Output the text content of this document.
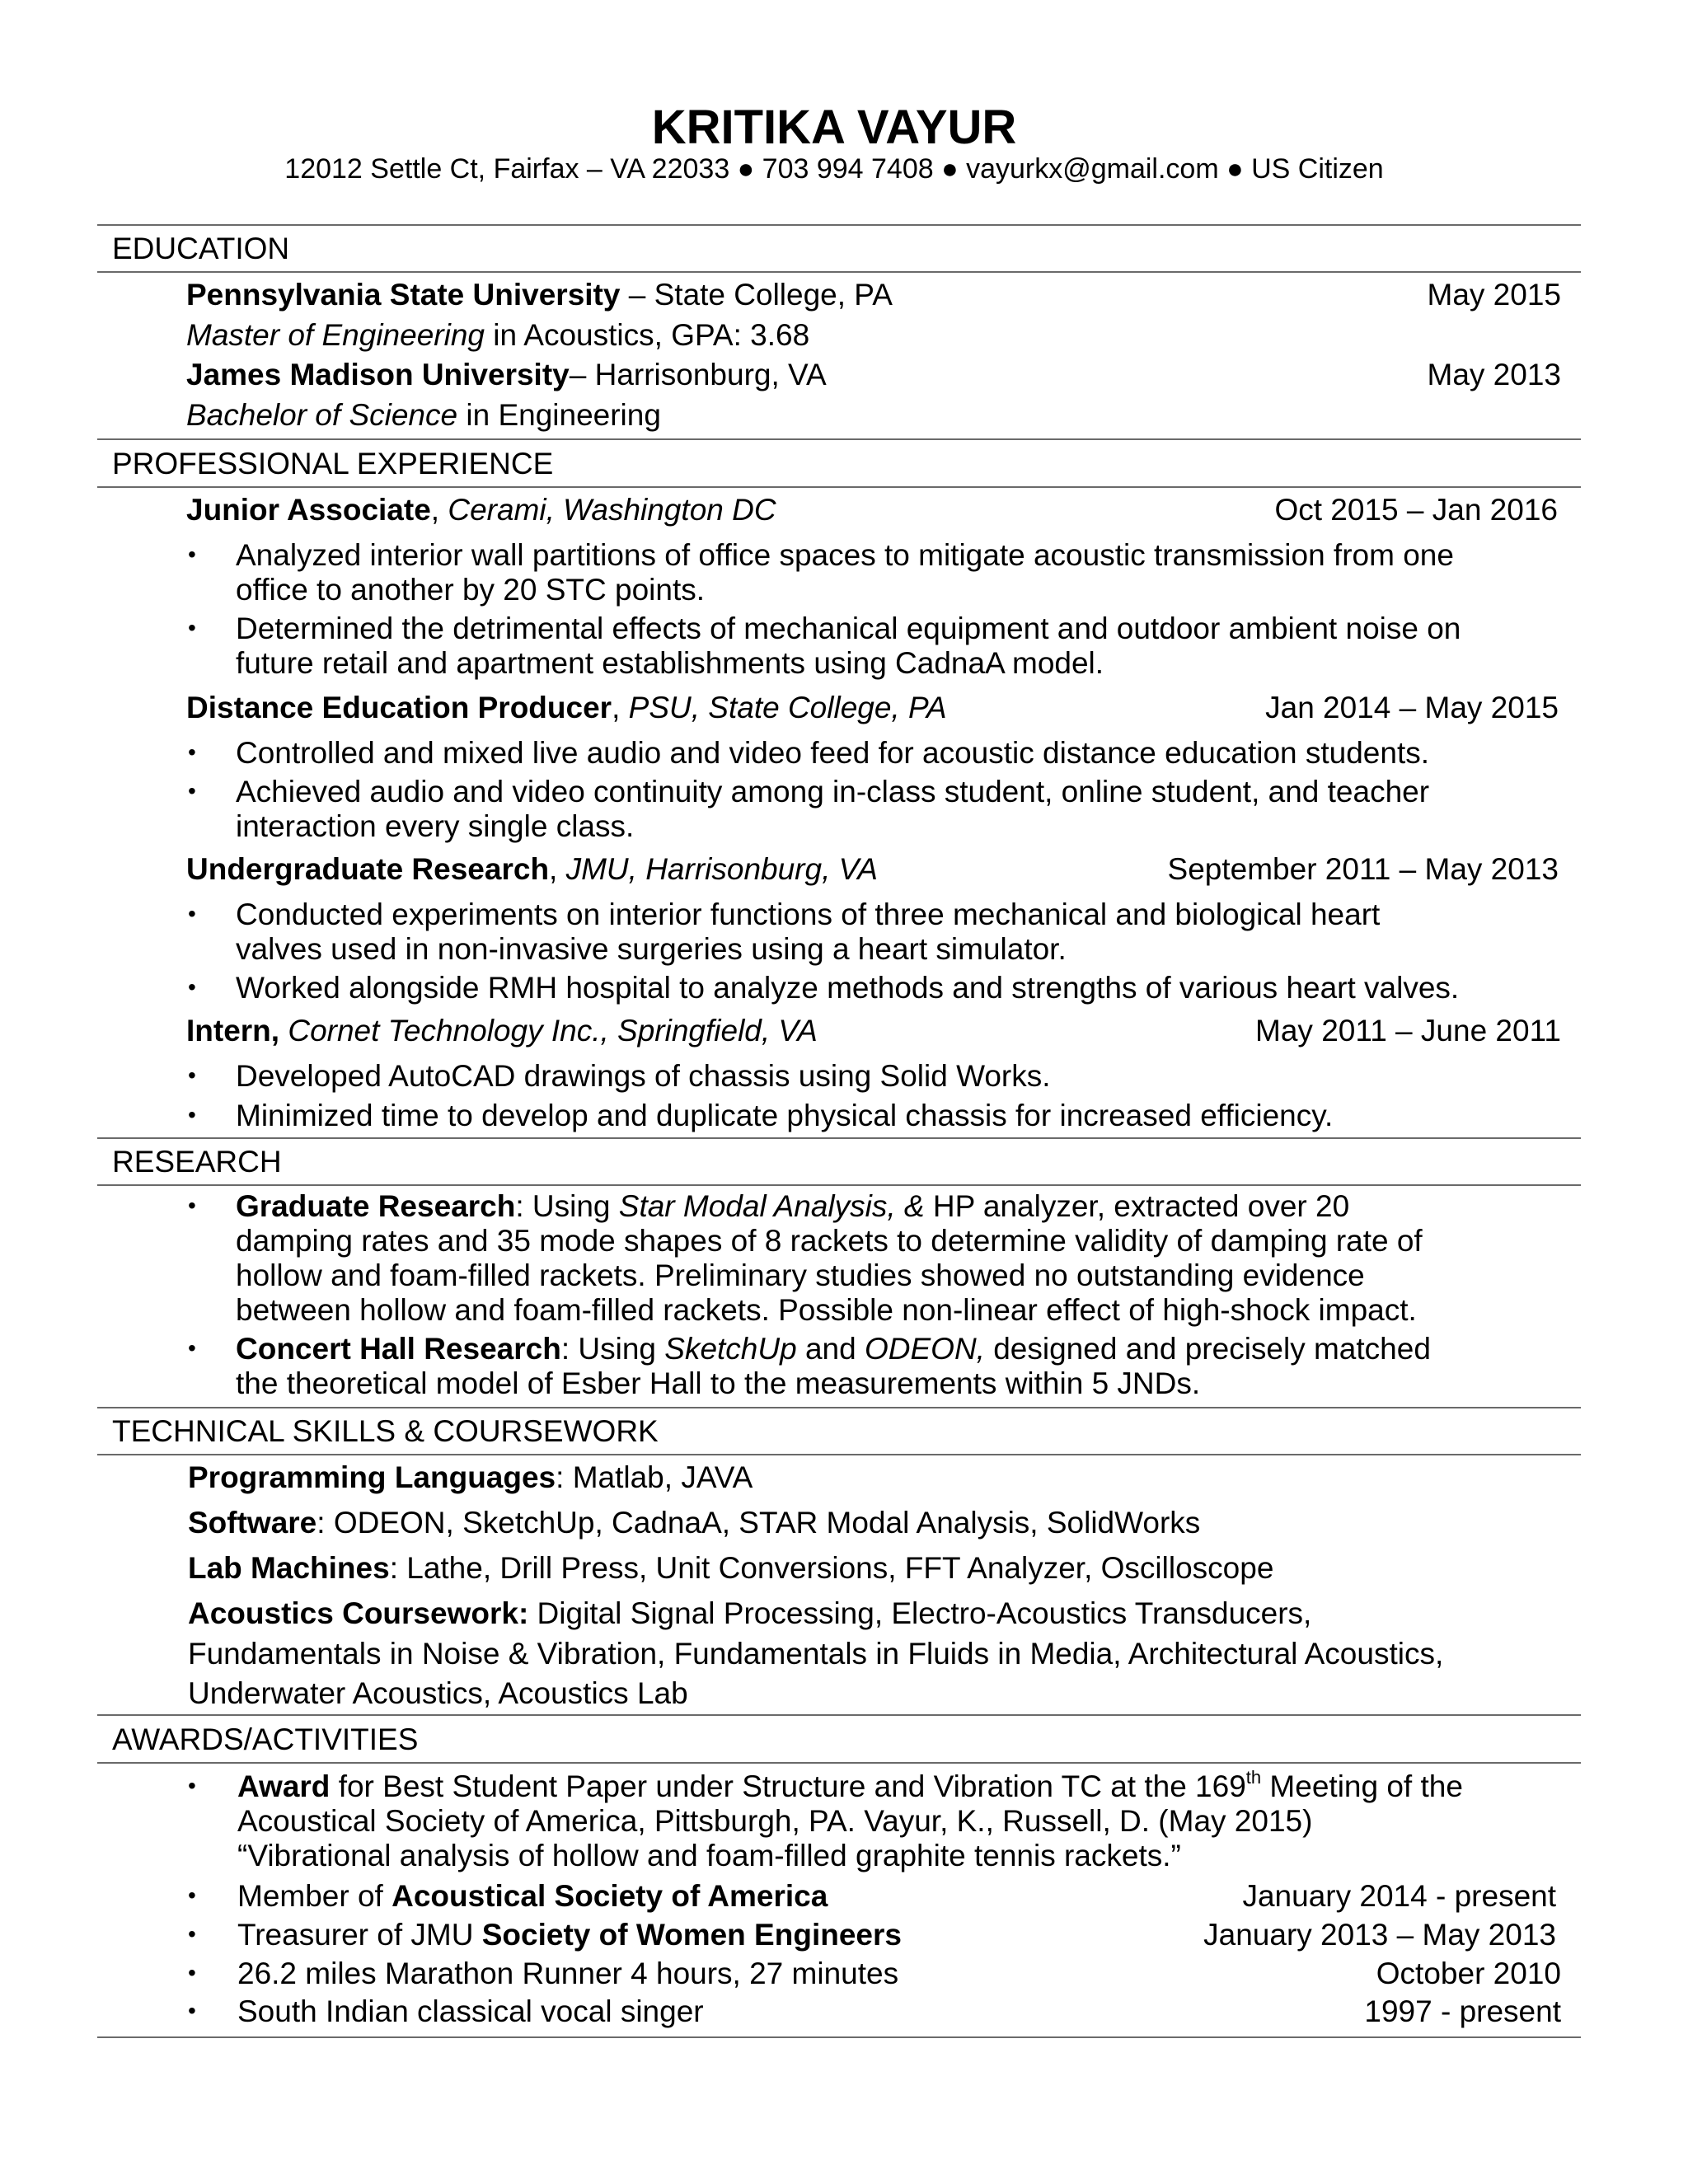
KRITIKA VAYUR
12012 Settle Ct, Fairfax – VA 22033 ● 703 994 7408 ● vayurkx@gmail.com ● US Citizen
EDUCATION
Pennsylvania State University – State College, PA	May 2015
Master of Engineering in Acoustics, GPA: 3.68
James Madison University– Harrisonburg, VA	May 2013
Bachelor of Science in Engineering
PROFESSIONAL EXPERIENCE
Junior Associate, Cerami, Washington DC	Oct 2015 – Jan 2016
• Analyzed interior wall partitions of office spaces to mitigate acoustic transmission from one
office to another by 20 STC points.
• Determined the detrimental effects of mechanical equipment and outdoor ambient noise on
future retail and apartment establishments using CadnaA model.
Distance Education Producer, PSU, State College, PA	Jan 2014 – May 2015
• Controlled and mixed live audio and video feed for acoustic distance education students.
• Achieved audio and video continuity among in-class student, online student, and teacher
interaction every single class.
Undergraduate Research, JMU, Harrisonburg, VA	September 2011 – May 2013
• Conducted experiments on interior functions of three mechanical and biological heart
valves used in non-invasive surgeries using a heart simulator.
• Worked alongside RMH hospital to analyze methods and strengths of various heart valves.
Intern, Cornet Technology Inc., Springfield, VA	May 2011 – June 2011
• Developed AutoCAD drawings of chassis using Solid Works.
• Minimized time to develop and duplicate physical chassis for increased efficiency.
RESEARCH
• Graduate Research: Using Star Modal Analysis, & HP analyzer, extracted over 20
damping rates and 35 mode shapes of 8 rackets to determine validity of damping rate of
hollow and foam-filled rackets. Preliminary studies showed no outstanding evidence
between hollow and foam-filled rackets. Possible non-linear effect of high-shock impact.
• Concert Hall Research: Using SketchUp and ODEON, designed and precisely matched
the theoretical model of Esber Hall to the measurements within 5 JNDs.
TECHNICAL SKILLS & COURSEWORK
Programming Languages: Matlab, JAVA
Software: ODEON, SketchUp, CadnaA, STAR Modal Analysis, SolidWorks
Lab Machines: Lathe, Drill Press, Unit Conversions, FFT Analyzer, Oscilloscope
Acoustics Coursework: Digital Signal Processing, Electro-Acoustics Transducers,
Fundamentals in Noise & Vibration, Fundamentals in Fluids in Media, Architectural Acoustics,
Underwater Acoustics, Acoustics Lab
AWARDS/ACTIVITIES
• Award for Best Student Paper under Structure and Vibration TC at the 169th Meeting of the
Acoustical Society of America, Pittsburgh, PA. Vayur, K., Russell, D. (May 2015)
“Vibrational analysis of hollow and foam-filled graphite tennis rackets.”
• Member of Acoustical Society of America	January 2014 - present
• Treasurer of JMU Society of Women Engineers	January 2013 – May 2013
• 26.2 miles Marathon Runner 4 hours, 27 minutes	October 2010
• South Indian classical vocal singer	1997 - present
